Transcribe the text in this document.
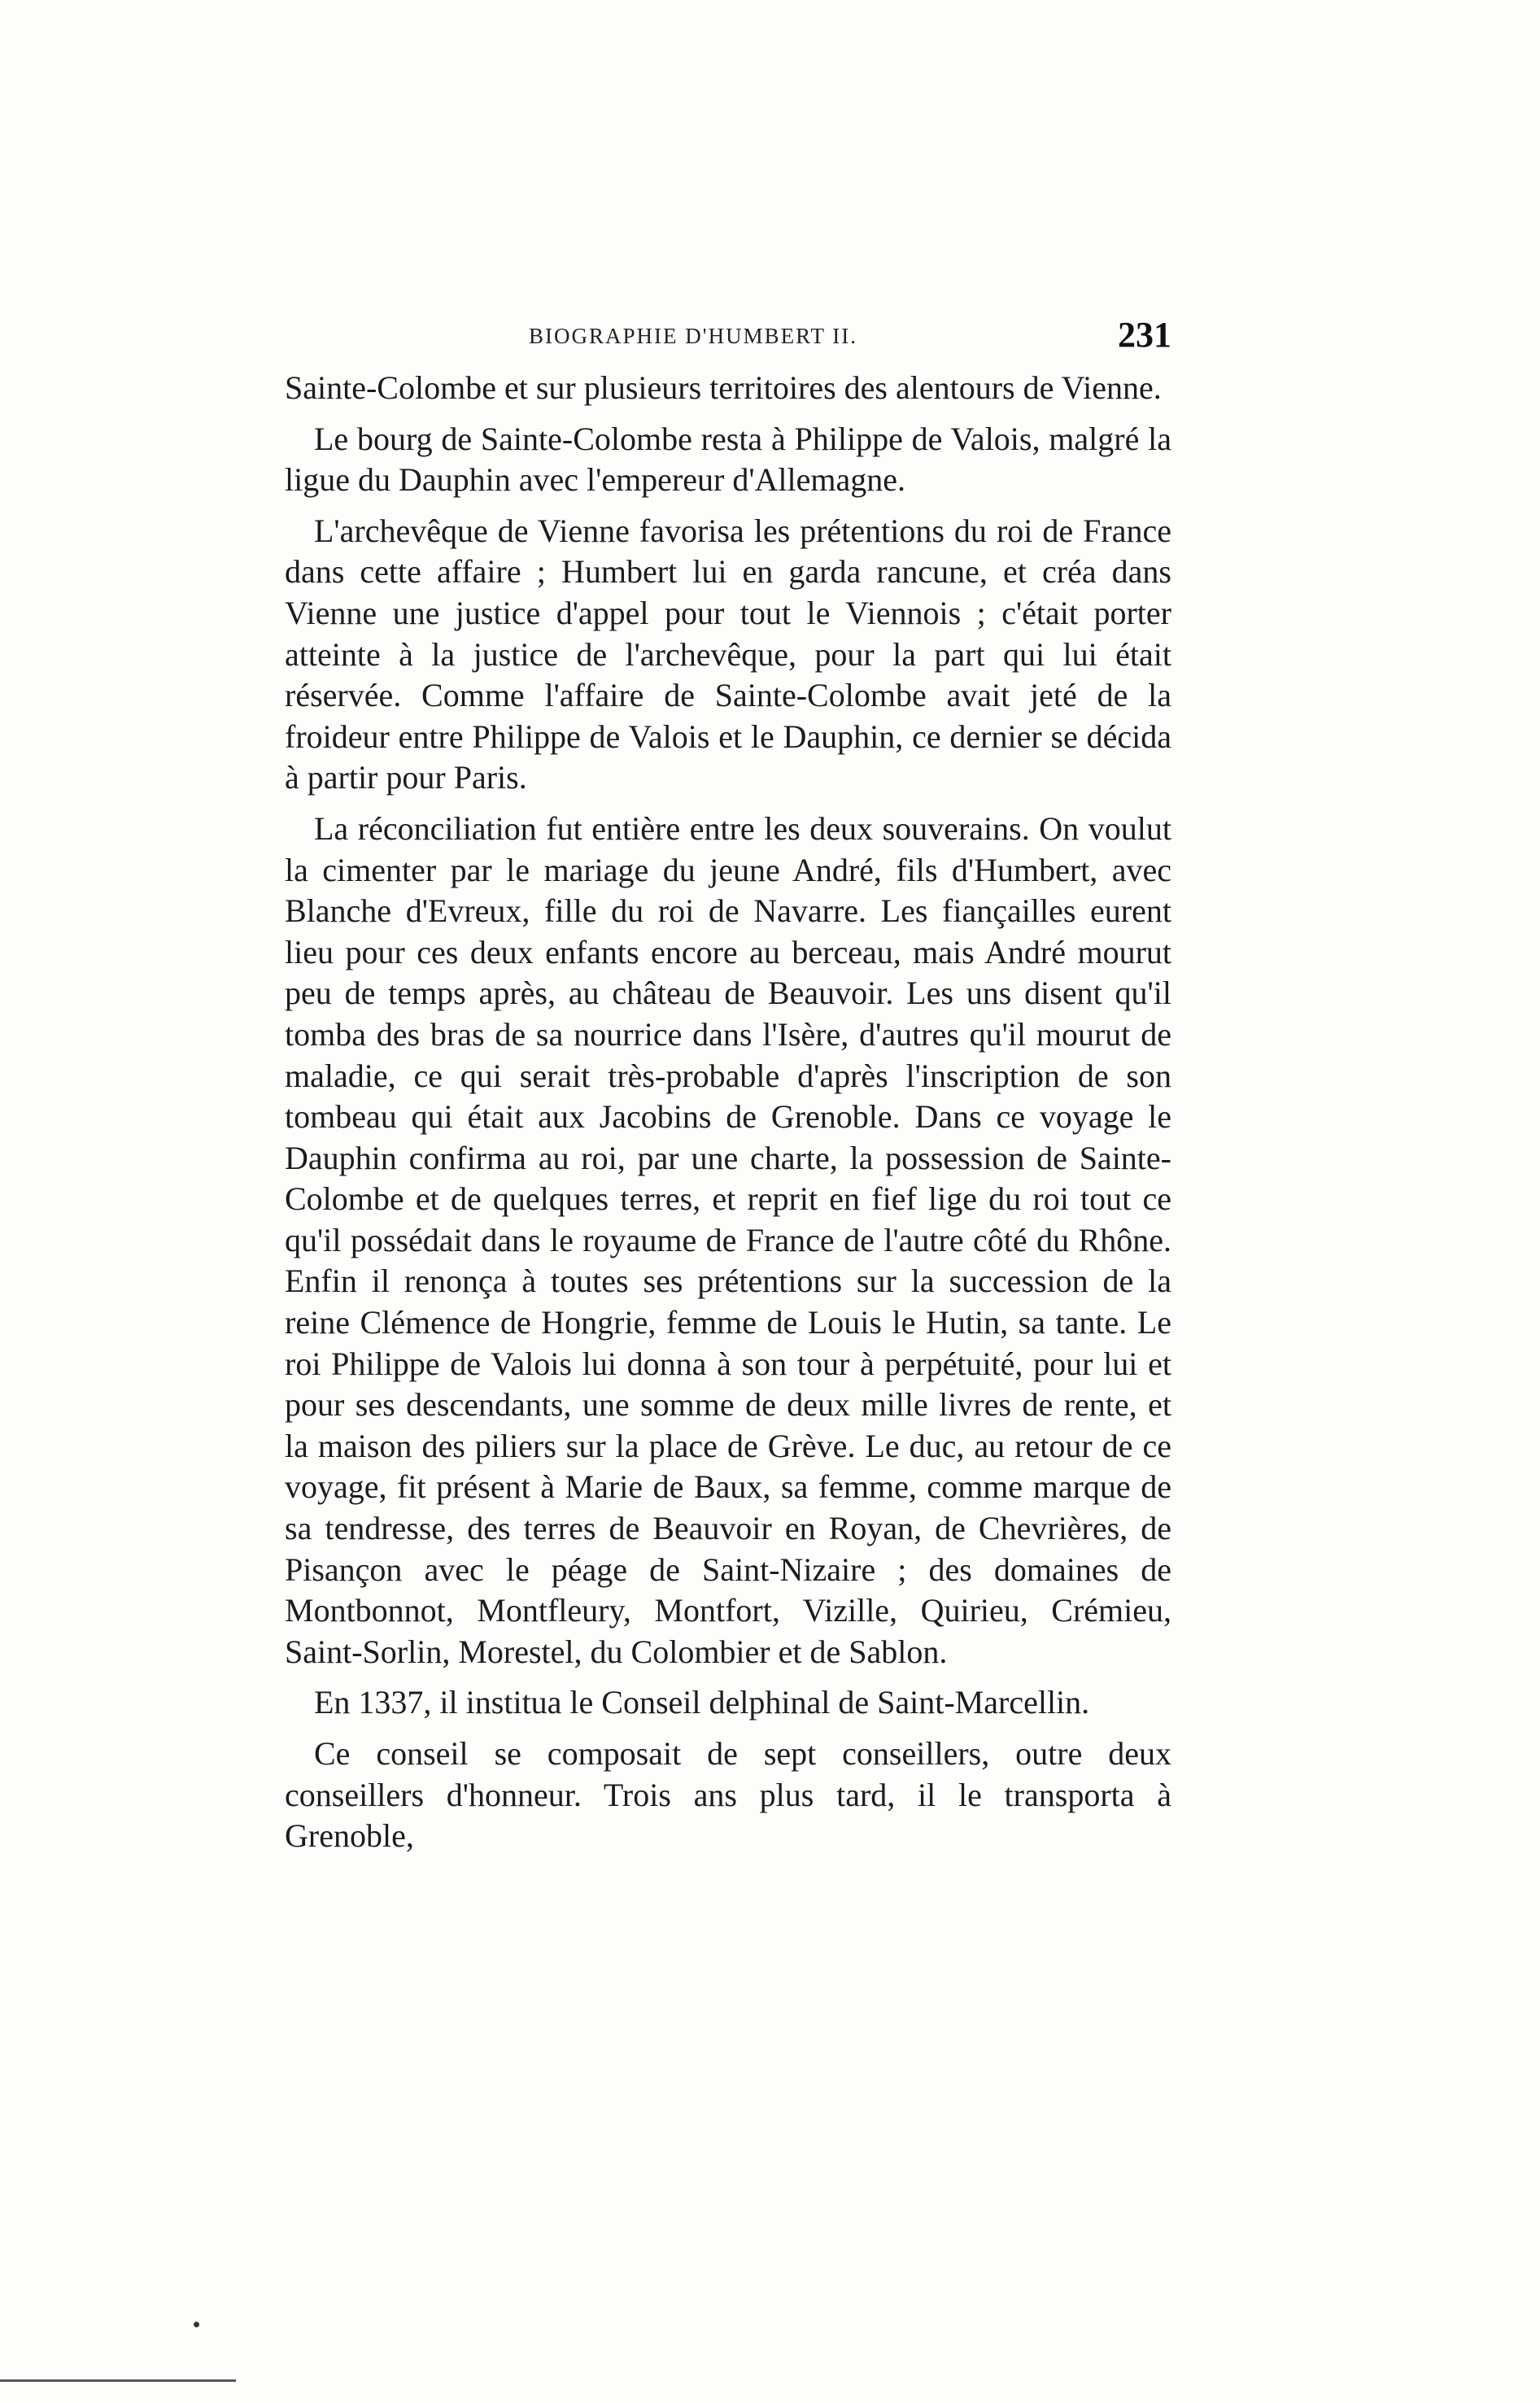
BIOGRAPHIE D'HUMBERT II.	231

Sainte-Colombe et sur plusieurs territoires des alentours de Vienne.

Le bourg de Sainte-Colombe resta à Philippe de Valois, malgré la ligue du Dauphin avec l'empereur d'Allemagne.

L'archevêque de Vienne favorisa les prétentions du roi de France dans cette affaire ; Humbert lui en garda rancune, et créa dans Vienne une justice d'appel pour tout le Viennois ; c'était porter atteinte à la justice de l'archevêque, pour la part qui lui était réservée. Comme l'affaire de Sainte-Colombe avait jeté de la froideur entre Philippe de Valois et le Dauphin, ce dernier se décida à partir pour Paris.

La réconciliation fut entière entre les deux souverains. On voulut la cimenter par le mariage du jeune André, fils d'Humbert, avec Blanche d'Evreux, fille du roi de Navarre. Les fiançailles eurent lieu pour ces deux enfants encore au berceau, mais André mourut peu de temps après, au château de Beauvoir. Les uns disent qu'il tomba des bras de sa nourrice dans l'Isère, d'autres qu'il mourut de maladie, ce qui serait très-probable d'après l'inscription de son tombeau qui était aux Jacobins de Grenoble. Dans ce voyage le Dauphin confirma au roi, par une charte, la possession de Sainte-Colombe et de quelques terres, et reprit en fief lige du roi tout ce qu'il possédait dans le royaume de France de l'autre côté du Rhône. Enfin il renonça à toutes ses prétentions sur la succession de la reine Clémence de Hongrie, femme de Louis le Hutin, sa tante. Le roi Philippe de Valois lui donna à son tour à perpétuité, pour lui et pour ses descendants, une somme de deux mille livres de rente, et la maison des piliers sur la place de Grève. Le duc, au retour de ce voyage, fit présent à Marie de Baux, sa femme, comme marque de sa tendresse, des terres de Beauvoir en Royan, de Chevrières, de Pisançon avec le péage de Saint-Nizaire ; des domaines de Montbonnot, Montfleury, Montfort, Vizille, Quirieu, Crémieu, Saint-Sorlin, Morestel, du Colombier et de Sablon.

En 1337, il institua le Conseil delphinal de Saint-Marcellin.

Ce conseil se composait de sept conseillers, outre deux conseillers d'honneur. Trois ans plus tard, il le transporta à Grenoble,
